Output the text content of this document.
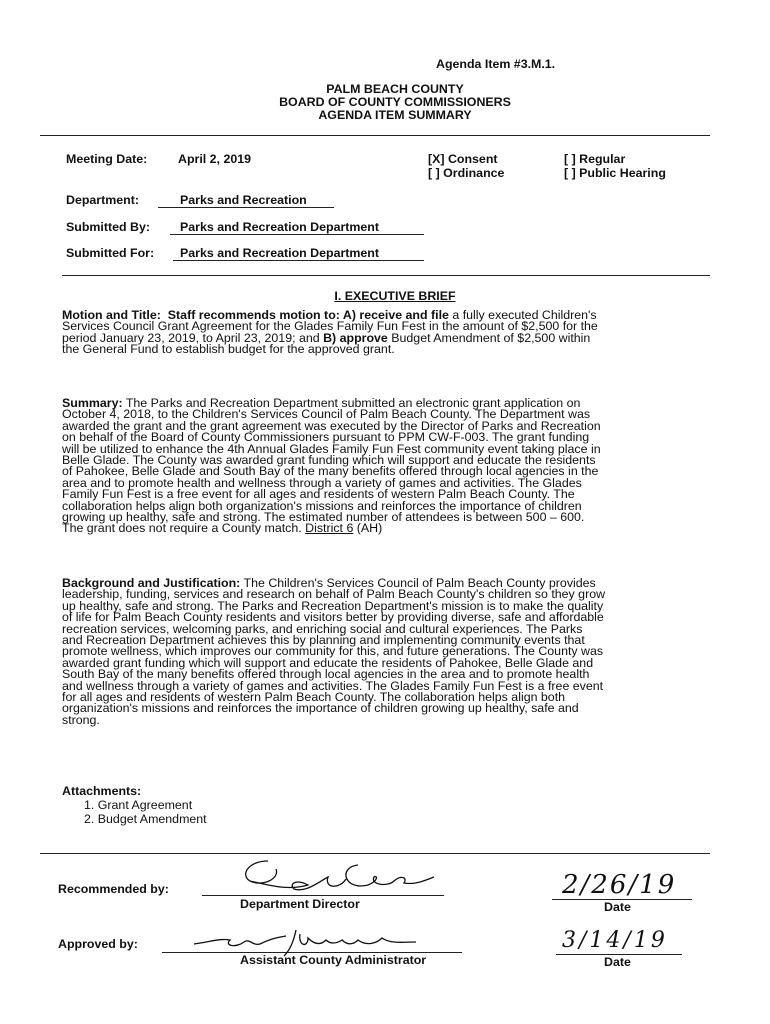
Agenda Item #3.M.1.
PALM BEACH COUNTY
BOARD OF COUNTY COMMISSIONERS
AGENDA ITEM SUMMARY
Meeting Date: April 2, 2019	[X] Consent
[ ] Ordinance
[ ] Regular
[ ] Public Hearing
Department:	Parks and Recreation
Submitted By: Parks and Recreation Department
Submitted For: Parks and Recreation Department
I. EXECUTIVE BRIEF
Motion and Title: Staff recommends motion to: A) receive and file a fully executed Children's
Services Council Grant Agreement for the Glades Family Fun Fest in the amount of $2,500 for the
period January 23, 2019, to April 23, 2019; and B) approve Budget Amendment of $2,500 within
the General Fund to establish budget for the approved grant.
Summary: The Parks and Recreation Department submitted an electronic grant application on
October 4, 2018, to the Children's Services Council of Palm Beach County. The Department was
awarded the grant and the grant agreement was executed by the Director of Parks and Recreation
on behalf of the Board of County Commissioners pursuant to PPM CW-F-003. The grant funding
will be utilized to enhance the 4th Annual Glades Family Fun Fest community event taking place in
Belle Glade. The County was awarded grant funding which will support and educate the residents
of Pahokee, Belle Glade and South Bay of the many benefits offered through local agencies in the
area and to promote health and wellness through a variety of games and activities. The Glades
Family Fun Fest is a free event for all ages and residents of western Palm Beach County. The
collaboration helps align both organization's missions and reinforces the importance of children
growing up healthy, safe and strong. The estimated number of attendees is between 500 – 600.
The grant does not require a County match. District 6 (AH)
Background and Justification: The Children's Services Council of Palm Beach County provides
leadership, funding, services and research on behalf of Palm Beach County's children so they grow
up healthy, safe and strong. The Parks and Recreation Department's mission is to make the quality
of life for Palm Beach County residents and visitors better by providing diverse, safe and affordable
recreation services, welcoming parks, and enriching social and cultural experiences. The Parks
and Recreation Department achieves this by planning and implementing community events that
promote wellness, which improves our community for this, and future generations. The County was
awarded grant funding which will support and educate the residents of Pahokee, Belle Glade and
South Bay of the many benefits offered through local agencies in the area and to promote health
and wellness through a variety of games and activities. The Glades Family Fun Fest is a free event
for all ages and residents of western Palm Beach County. The collaboration helps align both
organization's missions and reinforces the importance of children growing up healthy, safe and
strong.
Attachments:
1. Grant Agreement
2. Budget Amendment
Recommended by:
Department Director
2/26/19
Date
Approved by:
Assistant County Administrator
3/14/19
Date
